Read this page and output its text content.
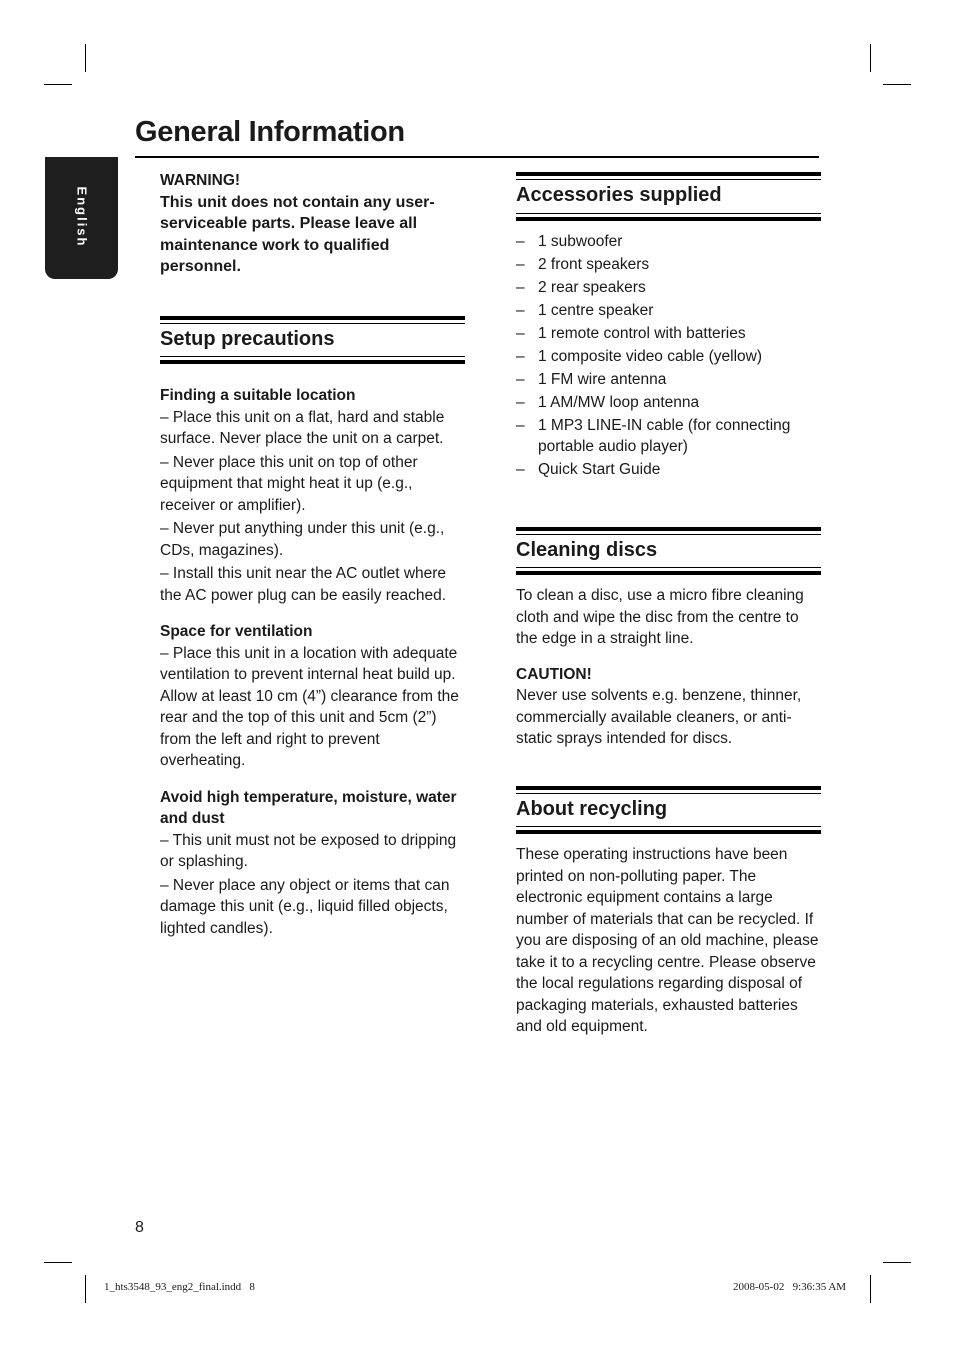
General Information
English
WARNING!
This unit does not contain any user-serviceable parts. Please leave all maintenance work to qualified personnel.
Setup precautions
Finding a suitable location

– Place this unit on a flat, hard and stable surface. Never place the unit on a carpet.

– Never place this unit on top of other equipment that might heat it up (e.g., receiver or amplifier).

– Never put anything under this unit (e.g., CDs, magazines).

– Install this unit near the AC outlet where the AC power plug can be easily reached.

Space for ventilation

– Place this unit in a location with adequate ventilation to prevent internal heat build up. Allow at least 10 cm (4”) clearance from the rear and the top of this unit and 5cm (2”) from the left and right to prevent overheating.

Avoid high temperature, moisture, water and dust

– This unit must not be exposed to dripping or splashing.

– Never place any object or items that can damage this unit (e.g., liquid filled objects, lighted candles).

Accessories supplied
– 1 subwoofer
– 2 front speakers
– 2 rear speakers
– 1 centre speaker
– 1 remote control with batteries
– 1 composite video cable (yellow)
– 1 FM wire antenna
– 1 AM/MW loop antenna
– 1 MP3 LINE-IN cable (for connecting portable audio player)
– Quick Start Guide
Cleaning discs

To clean a disc, use a micro fibre cleaning cloth and wipe the disc from the centre to the edge in a straight line.

CAUTION!

Never use solvents e.g. benzene, thinner, commercially available cleaners, or anti-static sprays intended for discs.

About recycling

These operating instructions have been printed on non-polluting paper. The electronic equipment contains a large number of materials that can be recycled. If you are disposing of an old machine, please take it to a recycling centre. Please observe the local regulations regarding disposal of packaging materials, exhausted batteries and old equipment.

8
1_hts3548_93_eng2_final.indd   8	2008-05-02   9:36:35 AM
